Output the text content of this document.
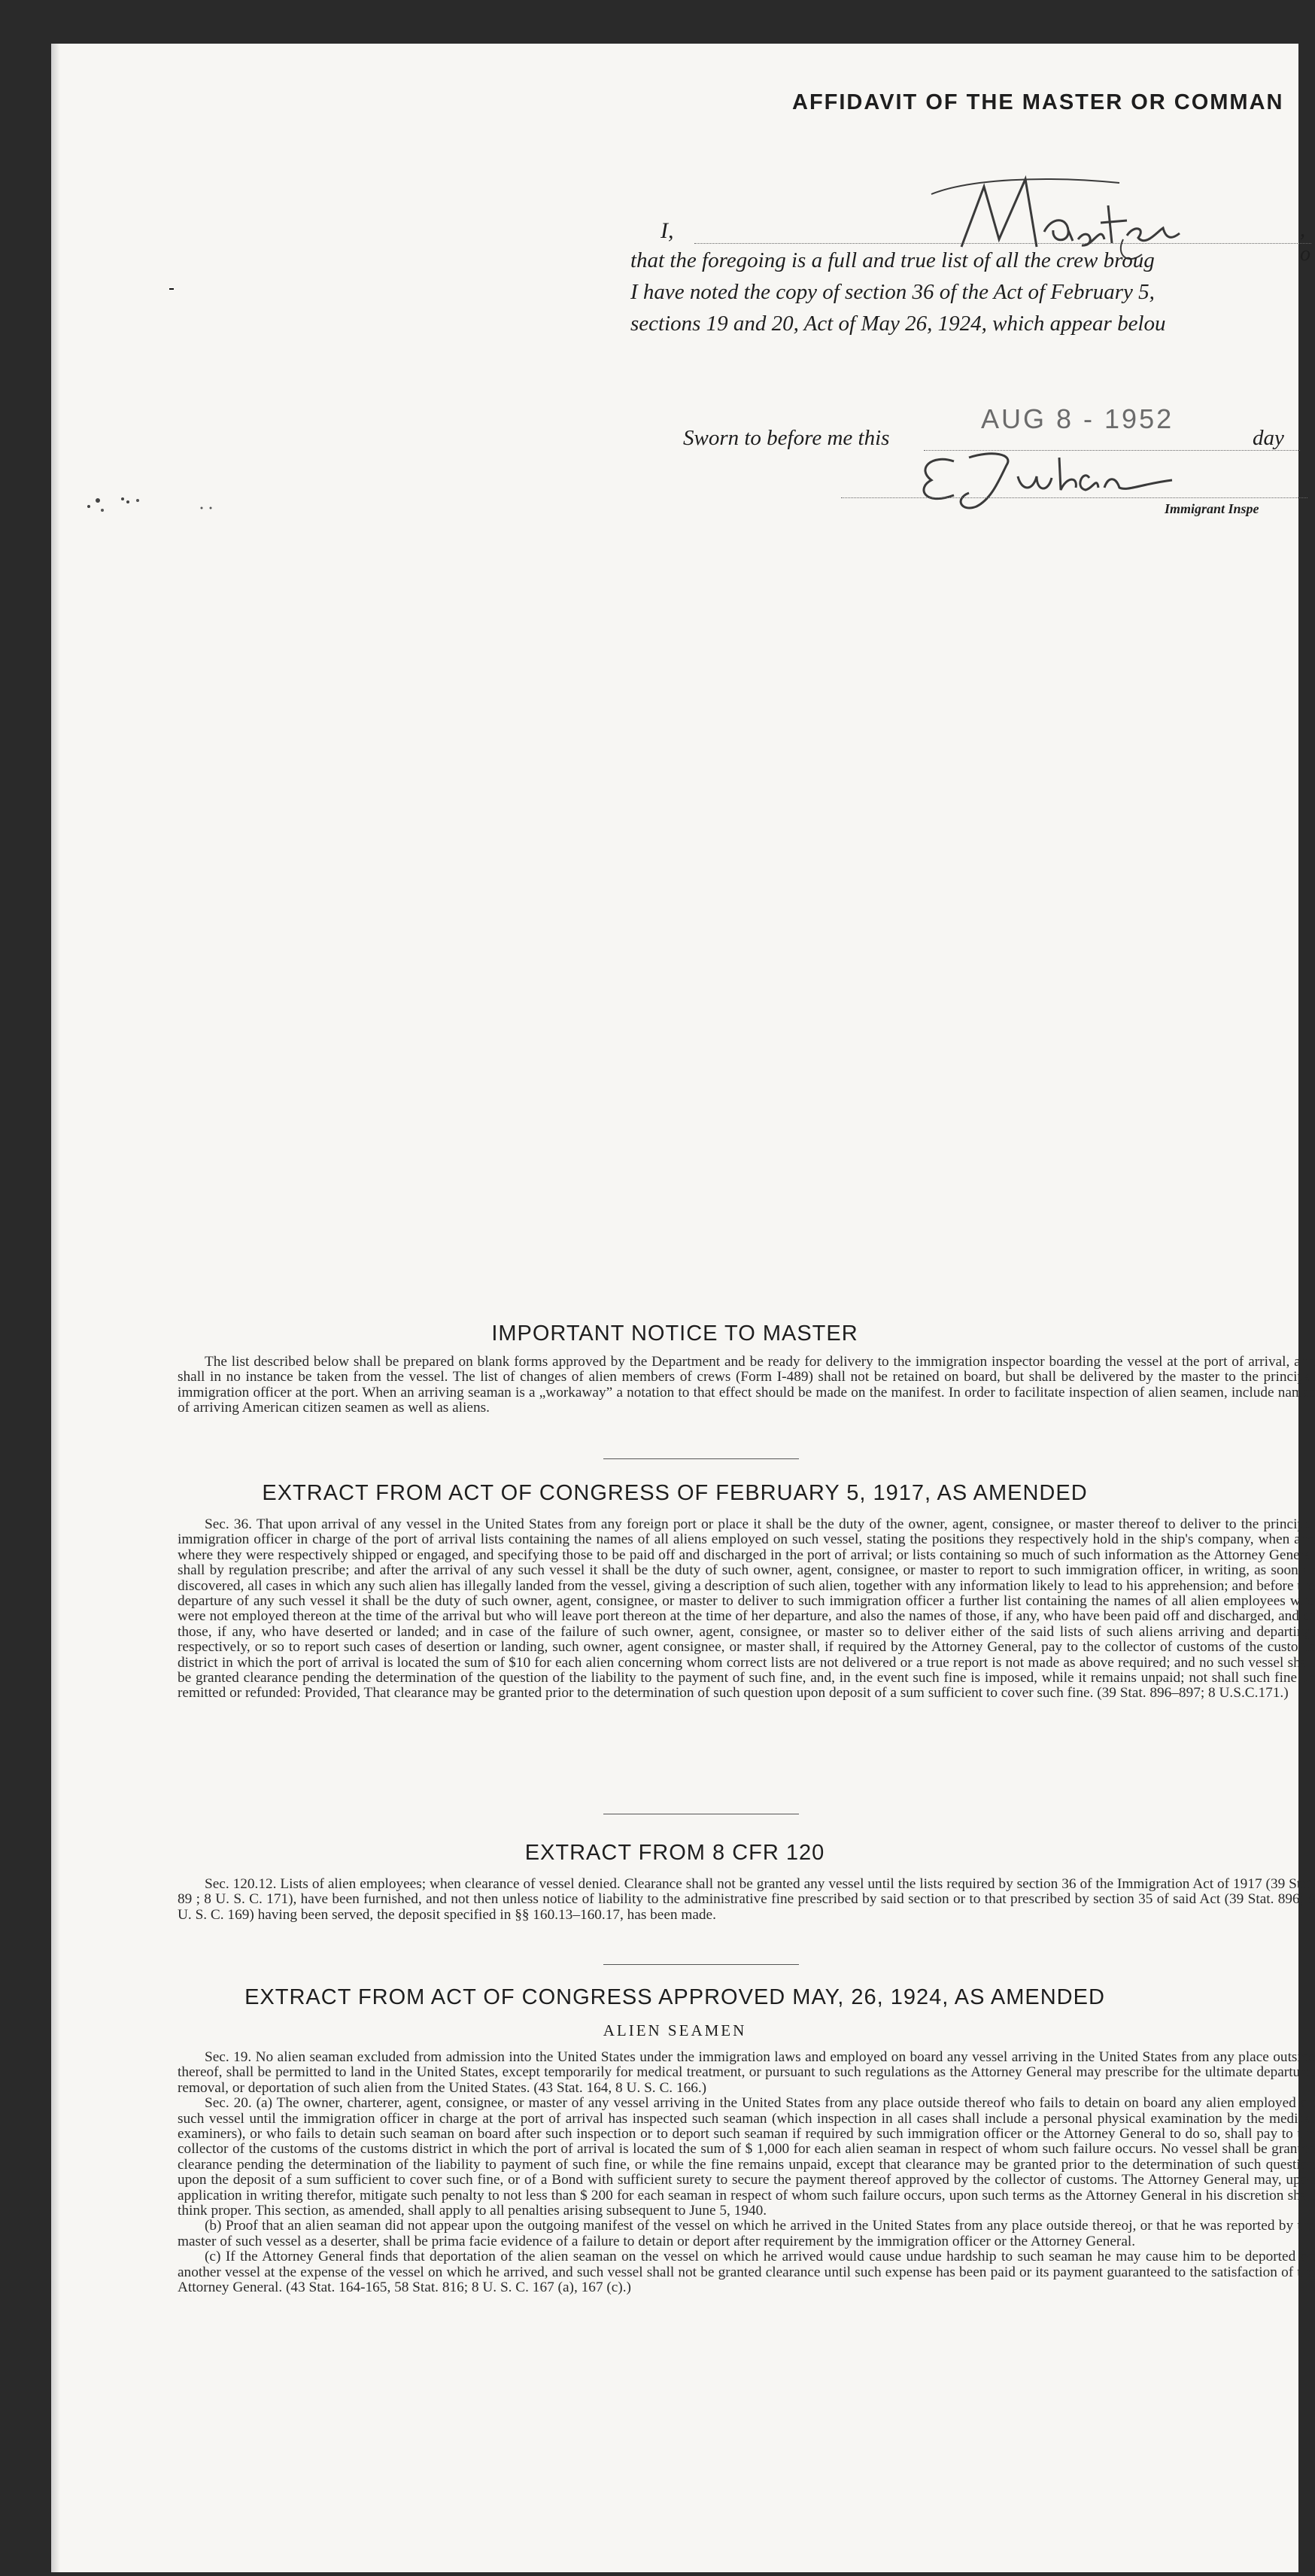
AFFIDAVIT OF THE MASTER OR COMMAN
I,	, o
that the foregoing is a full and true list of all the crew broug
I have noted the copy of section 36 of the Act of February 5,
sections 19 and 20, Act of May 26, 1924, which appear belou
Sworn to before me this
AUG 8 - 1952
day
Immigrant Inspe
IMPORTANT NOTICE TO MASTER
The list described below shall be prepared on blank forms approved by the Department and be ready for delivery to the immigration inspector boarding the vessel at the port of arrival, and shall in no instance be taken from the vessel. The list of changes of alien members of crews (Form I-489) shall not be retained on board, but shall be delivered by the master to the principal immigration officer at the port. When an arriving seaman is a „workaway” a notation to that effect should be made on the manifest. In order to facilitate inspection of alien seamen, include names of arriving American citizen seamen as well as aliens.
EXTRACT FROM ACT OF CONGRESS OF FEBRUARY 5, 1917, AS AMENDED
Sec. 36. That upon arrival of any vessel in the United States from any foreign port or place it shall be the duty of the owner, agent, consignee, or master thereof to deliver to the principal immigration officer in charge of the port of arrival lists containing the names of all aliens employed on such vessel, stating the positions they respectively hold in the ship's company, when and where they were respectively shipped or engaged, and specifying those to be paid off and discharged in the port of arrival; or lists containing so much of such information as the Attorney General shall by regulation prescribe; and after the arrival of any such vessel it shall be the duty of such owner, agent, consignee, or master to report to such immigration officer, in writing, as soon as discovered, all cases in which any such alien has illegally landed from the vessel, giving a description of such alien, together with any information likely to lead to his apprehension; and before the departure of any such vessel it shall be the duty of such owner, agent, consignee, or master to deliver to such immigration officer a further list containing the names of all alien employees who were not employed thereon at the time of the arrival but who will leave port thereon at the time of her departure, and also the names of those, if any, who have been paid off and discharged, and of those, if any, who have deserted or landed; and in case of the failure of such owner, agent, consignee, or master so to deliver either of the said lists of such aliens arriving and departing, respectively, or so to report such cases of desertion or landing, such owner, agent consignee, or master shall, if required by the Attorney General, pay to the collector of customs of the customs district in which the port of arrival is located the sum of $10 for each alien concerning whom correct lists are not delivered or a true report is not made as above required; and no such vessel shall be granted clearance pending the determination of the question of the liability to the payment of such fine, and, in the event such fine is imposed, while it remains unpaid; not shall such fine be remitted or refunded: Provided, That clearance may be granted prior to the determination of such question upon deposit of a sum sufficient to cover such fine. (39 Stat. 896–897; 8 U.S.C.171.)
EXTRACT FROM 8 CFR 120
Sec. 120.12. Lists of alien employees; when clearance of vessel denied. Clearance shall not be granted any vessel until the lists required by section 36 of the Immigration Act of 1917 (39 Stat. 89 ; 8 U. S. C. 171), have been furnished, and not then unless notice of liability to the administrative fine prescribed by said section or to that prescribed by section 35 of said Act (39 Stat. 896; 8 U. S. C. 169) having been served, the deposit specified in §§ 160.13–160.17, has been made.
EXTRACT FROM ACT OF CONGRESS APPROVED MAY, 26, 1924, AS AMENDED
ALIEN SEAMEN

Sec. 19. No alien seaman excluded from admission into the United States under the immigration laws and employed on board any vessel arriving in the United States from any place outside thereof, shall be permitted to land in the United States, except temporarily for medical treatment, or pursuant to such regulations as the Attorney General may prescribe for the ultimate departure, removal, or deportation of such alien from the United States. (43 Stat. 164, 8 U. S. C. 166.)

Sec. 20. (a) The owner, charterer, agent, consignee, or master of any vessel arriving in the United States from any place outside thereof who fails to detain on board any alien employed on such vessel until the immigration officer in charge at the port of arrival has inspected such seaman (which inspection in all cases shall include a personal physical examination by the medical examiners), or who fails to detain such seaman on board after such inspection or to deport such seaman if required by such immigration officer or the Attorney General to do so, shall pay to the collector of the customs of the customs district in which the port of arrival is located the sum of $ 1,000 for each alien seaman in respect of whom such failure occurs. No vessel shall be granted clearance pending the determination of the liability to payment of such fine, or while the fine remains unpaid, except that clearance may be granted prior to the determination of such question upon the deposit of a sum sufficient to cover such fine, or of a Bond with sufficient surety to secure the payment thereof approved by the collector of customs. The Attorney General may, upon application in writing therefor, mitigate such penalty to not less than $ 200 for each seaman in respect of whom such failure occurs, upon such terms as the Attorney General in his discretion shall think proper. This section, as amended, shall apply to all penalties arising subsequent to June 5, 1940.

(b) Proof that an alien seaman did not appear upon the outgoing manifest of the vessel on which he arrived in the United States from any place outside thereoj, or that he was reported by the master of such vessel as a deserter, shall be prima facie evidence of a failure to detain or deport after requirement by the immigration officer or the Attorney General.

(c) If the Attorney General finds that deportation of the alien seaman on the vessel on which he arrived would cause undue hardship to such seaman he may cause him to be deported on another vessel at the expense of the vessel on which he arrived, and such vessel shall not be granted clearance until such expense has been paid or its payment guaranteed to the satisfaction of the Attorney General. (43 Stat. 164-165, 58 Stat. 816; 8 U. S. C. 167 (a), 167 (c).)
